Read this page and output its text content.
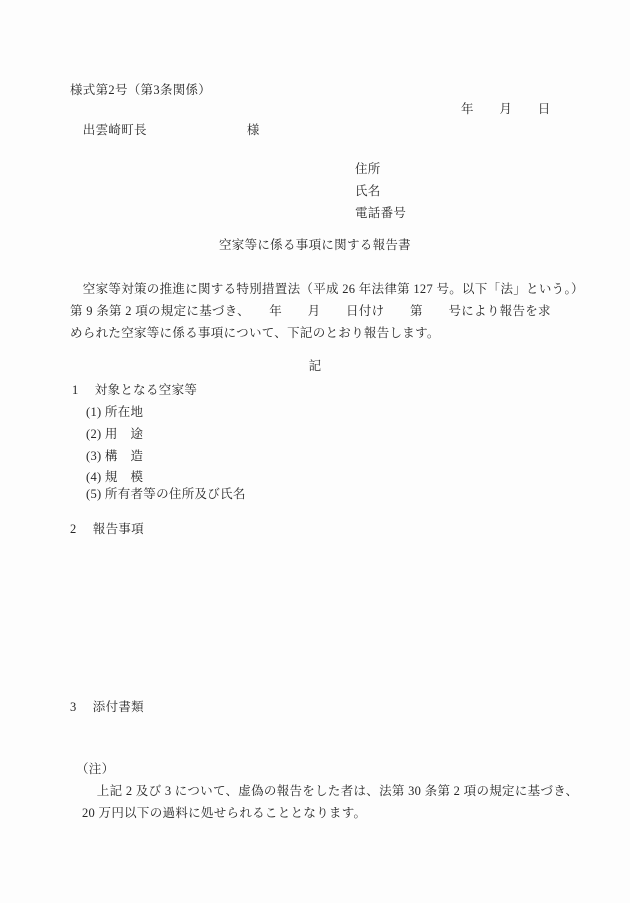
様式第2号（第3条関係）
年　　月　　日
　出雲崎町長	様
住所
氏名
電話番号
空家等に係る事項に関する報告書
　空家等対策の推進に関する特別措置法（平成 26 年法律第 127 号。以下「法」という。）
第 9 条第 2 項の規定に基づき、　　年　　月　　日付け　　第　　号により報告を求
められた空家等に係る事項について、下記のとおり報告します。
記
1　 対象となる空家等
(1) 所在地
(2) 用　途
(3) 構　造
(4) 規　模
(5) 所有者等の住所及び氏名
2　 報告事項
3　 添付書類
（注）
　上記 2 及び 3 について、虚偽の報告をした者は、法第 30 条第 2 項の規定に基づき、
20 万円以下の過料に処せられることとなります。
